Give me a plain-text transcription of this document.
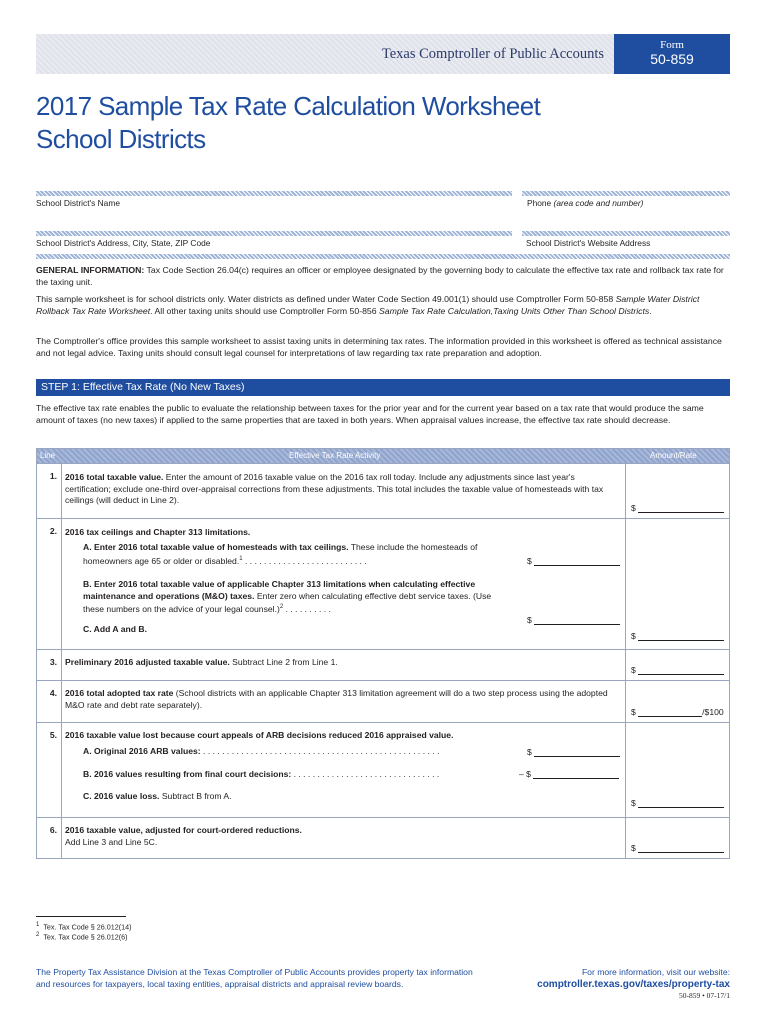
Texas Comptroller of Public Accounts
Form
50-859
2017 Sample Tax Rate Calculation Worksheet
School Districts
School District's Name	Phone (area code and number)
School District's Address, City, State, ZIP Code	School District's Website Address
GENERAL INFORMATION: Tax Code Section 26.04(c) requires an officer or employee designated by the governing body to calculate the effective tax rate and rollback tax rate for the taxing unit.
This sample worksheet is for school districts only. Water districts as defined under Water Code Section 49.001(1) should use Comptroller Form 50-858 Sample Water District Rollback Tax Rate Worksheet. All other taxing units should use Comptroller Form 50-856 Sample Tax Rate Calculation,Taxing Units Other Than School Districts.
The Comptroller's office provides this sample worksheet to assist taxing units in determining tax rates. The information provided in this worksheet is offered as technical assistance and not legal advice. Taxing units should consult legal counsel for interpretations of law regarding tax rate preparation and adoption.
STEP 1: Effective Tax Rate (No New Taxes)
The effective tax rate enables the public to evaluate the relationship between taxes for the prior year and for the current year based on a tax rate that would produce the same amount of taxes (no new taxes) if applied to the same properties that are taxed in both years. When appraisal values increase, the effective tax rate should decrease.
Line	Effective Tax Rate Activity	Amount/Rate
1. 2016 total taxable value. Enter the amount of 2016 taxable value on the 2016 tax roll today. Include any adjustments since last year's certification; exclude one-third over-appraisal corrections from these adjustments. This total includes the taxable value of homesteads with tax ceilings (will deduct in Line 2).
$
2. 2016 tax ceilings and Chapter 313 limitations.
A. Enter 2016 total taxable value of homesteads with tax ceilings. These include the homesteads of homeowners age 65 or older or disabled.$^1$ . . . . . . . . . . . . . . . . . . . . . . . . . .	$
B. Enter 2016 total taxable value of applicable Chapter 313 limitations when calculating effective maintenance and operations (M&O) taxes. Enter zero when calculating effective debt service taxes. (Use these numbers on the advice of your legal counsel.)$^2$ . . . . . . . . . .
$
C. Add A and B.
$
3. Preliminary 2016 adjusted taxable value. Subtract Line 2 from Line 1.
$
4. 2016 total adopted tax rate (School districts with an applicable Chapter 313 limitation agreement will do a two step process using the adopted M&O rate and debt rate separately).
$	/$100
5. 2016 taxable value lost because court appeals of ARB decisions reduced 2016 appraised value.
A. Original 2016 ARB values: . . . . . . . . . . . . . . . . . . . . . . . . . . . . . . . . . . . . . . . . . . . . . . . . . .	$
B. 2016 values resulting from final court decisions: . . . . . . . . . . . . . . . . . . . . . . . . . . . . . . .	– $
C. 2016 value loss. Subtract B from A.
$
6. 2016 taxable value, adjusted for court-ordered reductions.
Add Line 3 and Line 5C.
$
$^1$ Tex. Tax Code § 26.012(14)
$^2$ Tex. Tax Code § 26.012(6)
The Property Tax Assistance Division at the Texas Comptroller of Public Accounts provides property tax information and resources for taxpayers, local taxing entities, appraisal districts and appraisal review boards.
For more information, visit our website:
comptroller.texas.gov/taxes/property-tax
50-859 • 07-17/1
